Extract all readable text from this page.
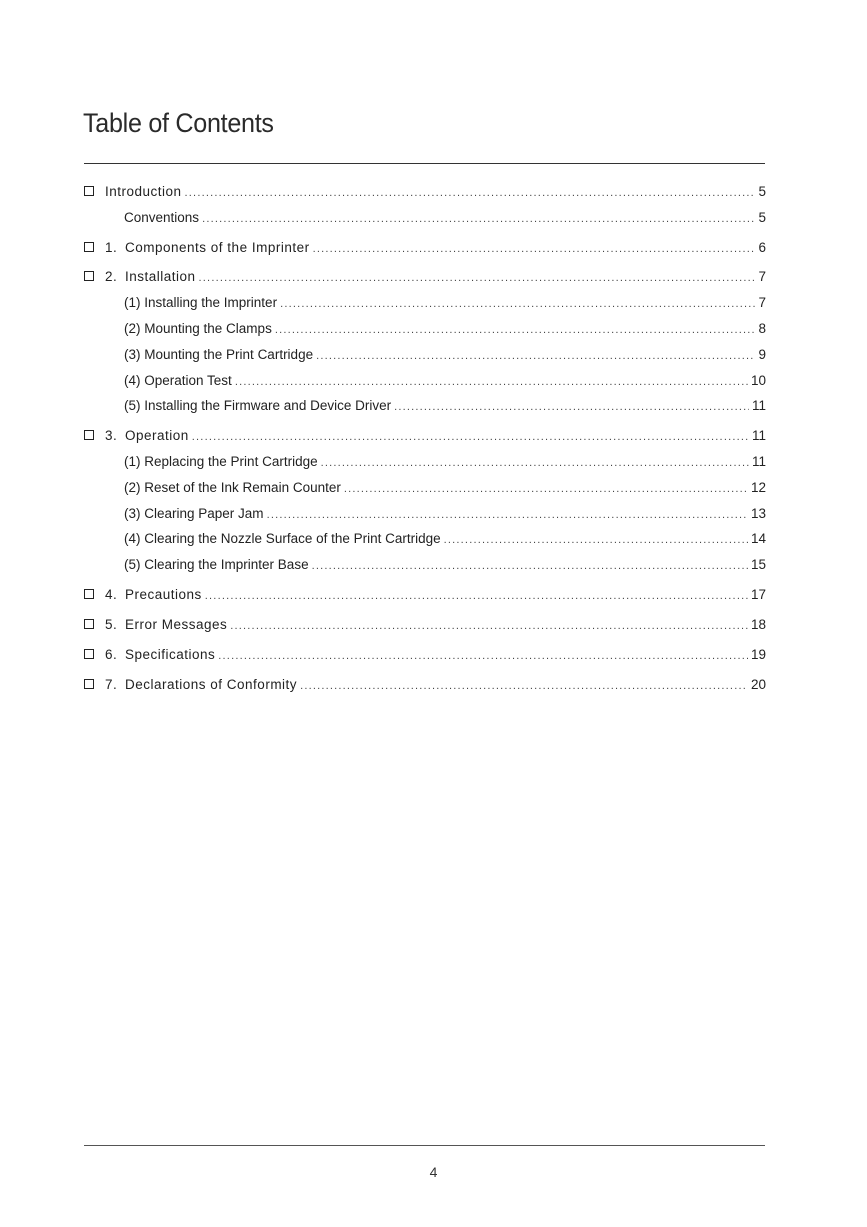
Table of Contents
Introduction .....	5
Conventions .....	5
1. Components of the Imprinter .....	6
2. Installation .....	7
(1) Installing the Imprinter .....	7
(2) Mounting the Clamps .....	8
(3) Mounting the Print Cartridge .....	9
(4) Operation Test .....	10
(5) Installing the Firmware and Device Driver .....	11
3. Operation .....	11
(1) Replacing the Print Cartridge .....	11
(2) Reset of the Ink Remain Counter .....	12
(3) Clearing Paper Jam .....	13
(4) Clearing the Nozzle Surface of the Print Cartridge .....	14
(5) Clearing the Imprinter Base .....	15
4. Precautions .....	17
5. Error Messages .....	18
6. Specifications .....	19
7. Declarations of Conformity .....	20
4
